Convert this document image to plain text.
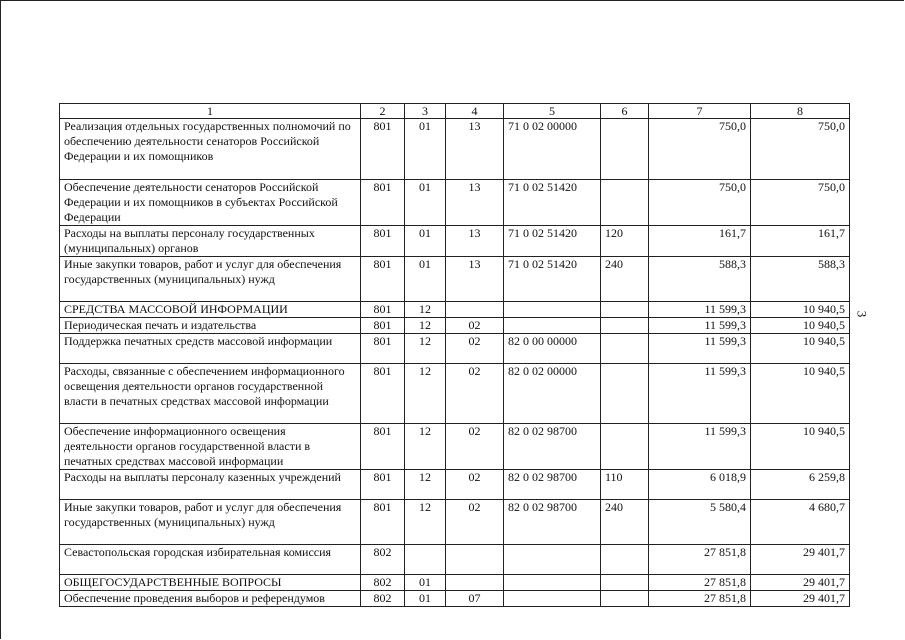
3
1	2	3	4	5	6	7	8
Реализация отдельных государственных полномочий по обеспечению деятельности сенаторов Российской Федерации и их помощников	801	01	13	71 0 02 00000		750,0	750,0
Обеспечение деятельности сенаторов Российской Федерации и их помощников в субъектах Российской Федерации	801	01	13	71 0 02 51420		750,0	750,0
Расходы на выплаты персоналу государственных (муниципальных) органов	801	01	13	71 0 02 51420	120	161,7	161,7
Иные закупки товаров, работ и услуг для обеспечения государственных (муниципальных) нужд	801	01	13	71 0 02 51420	240	588,3	588,3
СРЕДСТВА МАССОВОЙ ИНФОРМАЦИИ	801	12				11 599,3	10 940,5
Периодическая печать и издательства	801	12	02			11 599,3	10 940,5
Поддержка печатных средств массовой информации	801	12	02	82 0 00 00000		11 599,3	10 940,5
Расходы, связанные с обеспечением информационного освещения деятельности органов государственной власти в печатных средствах массовой информации	801	12	02	82 0 02 00000		11 599,3	10 940,5
Обеспечение информационного освещения деятельности органов государственной власти в печатных средствах массовой информации	801	12	02	82 0 02 98700		11 599,3	10 940,5
Расходы на выплаты персоналу казенных учреждений	801	12	02	82 0 02 98700	110	6 018,9	6 259,8
Иные закупки товаров, работ и услуг для обеспечения государственных (муниципальных) нужд	801	12	02	82 0 02 98700	240	5 580,4	4 680,7
Севастопольская городская избирательная комиссия	802					27 851,8	29 401,7
ОБЩЕГОСУДАРСТВЕННЫЕ ВОПРОСЫ	802	01				27 851,8	29 401,7
Обеспечение проведения выборов и референдумов	802	01	07			27 851,8	29 401,7
